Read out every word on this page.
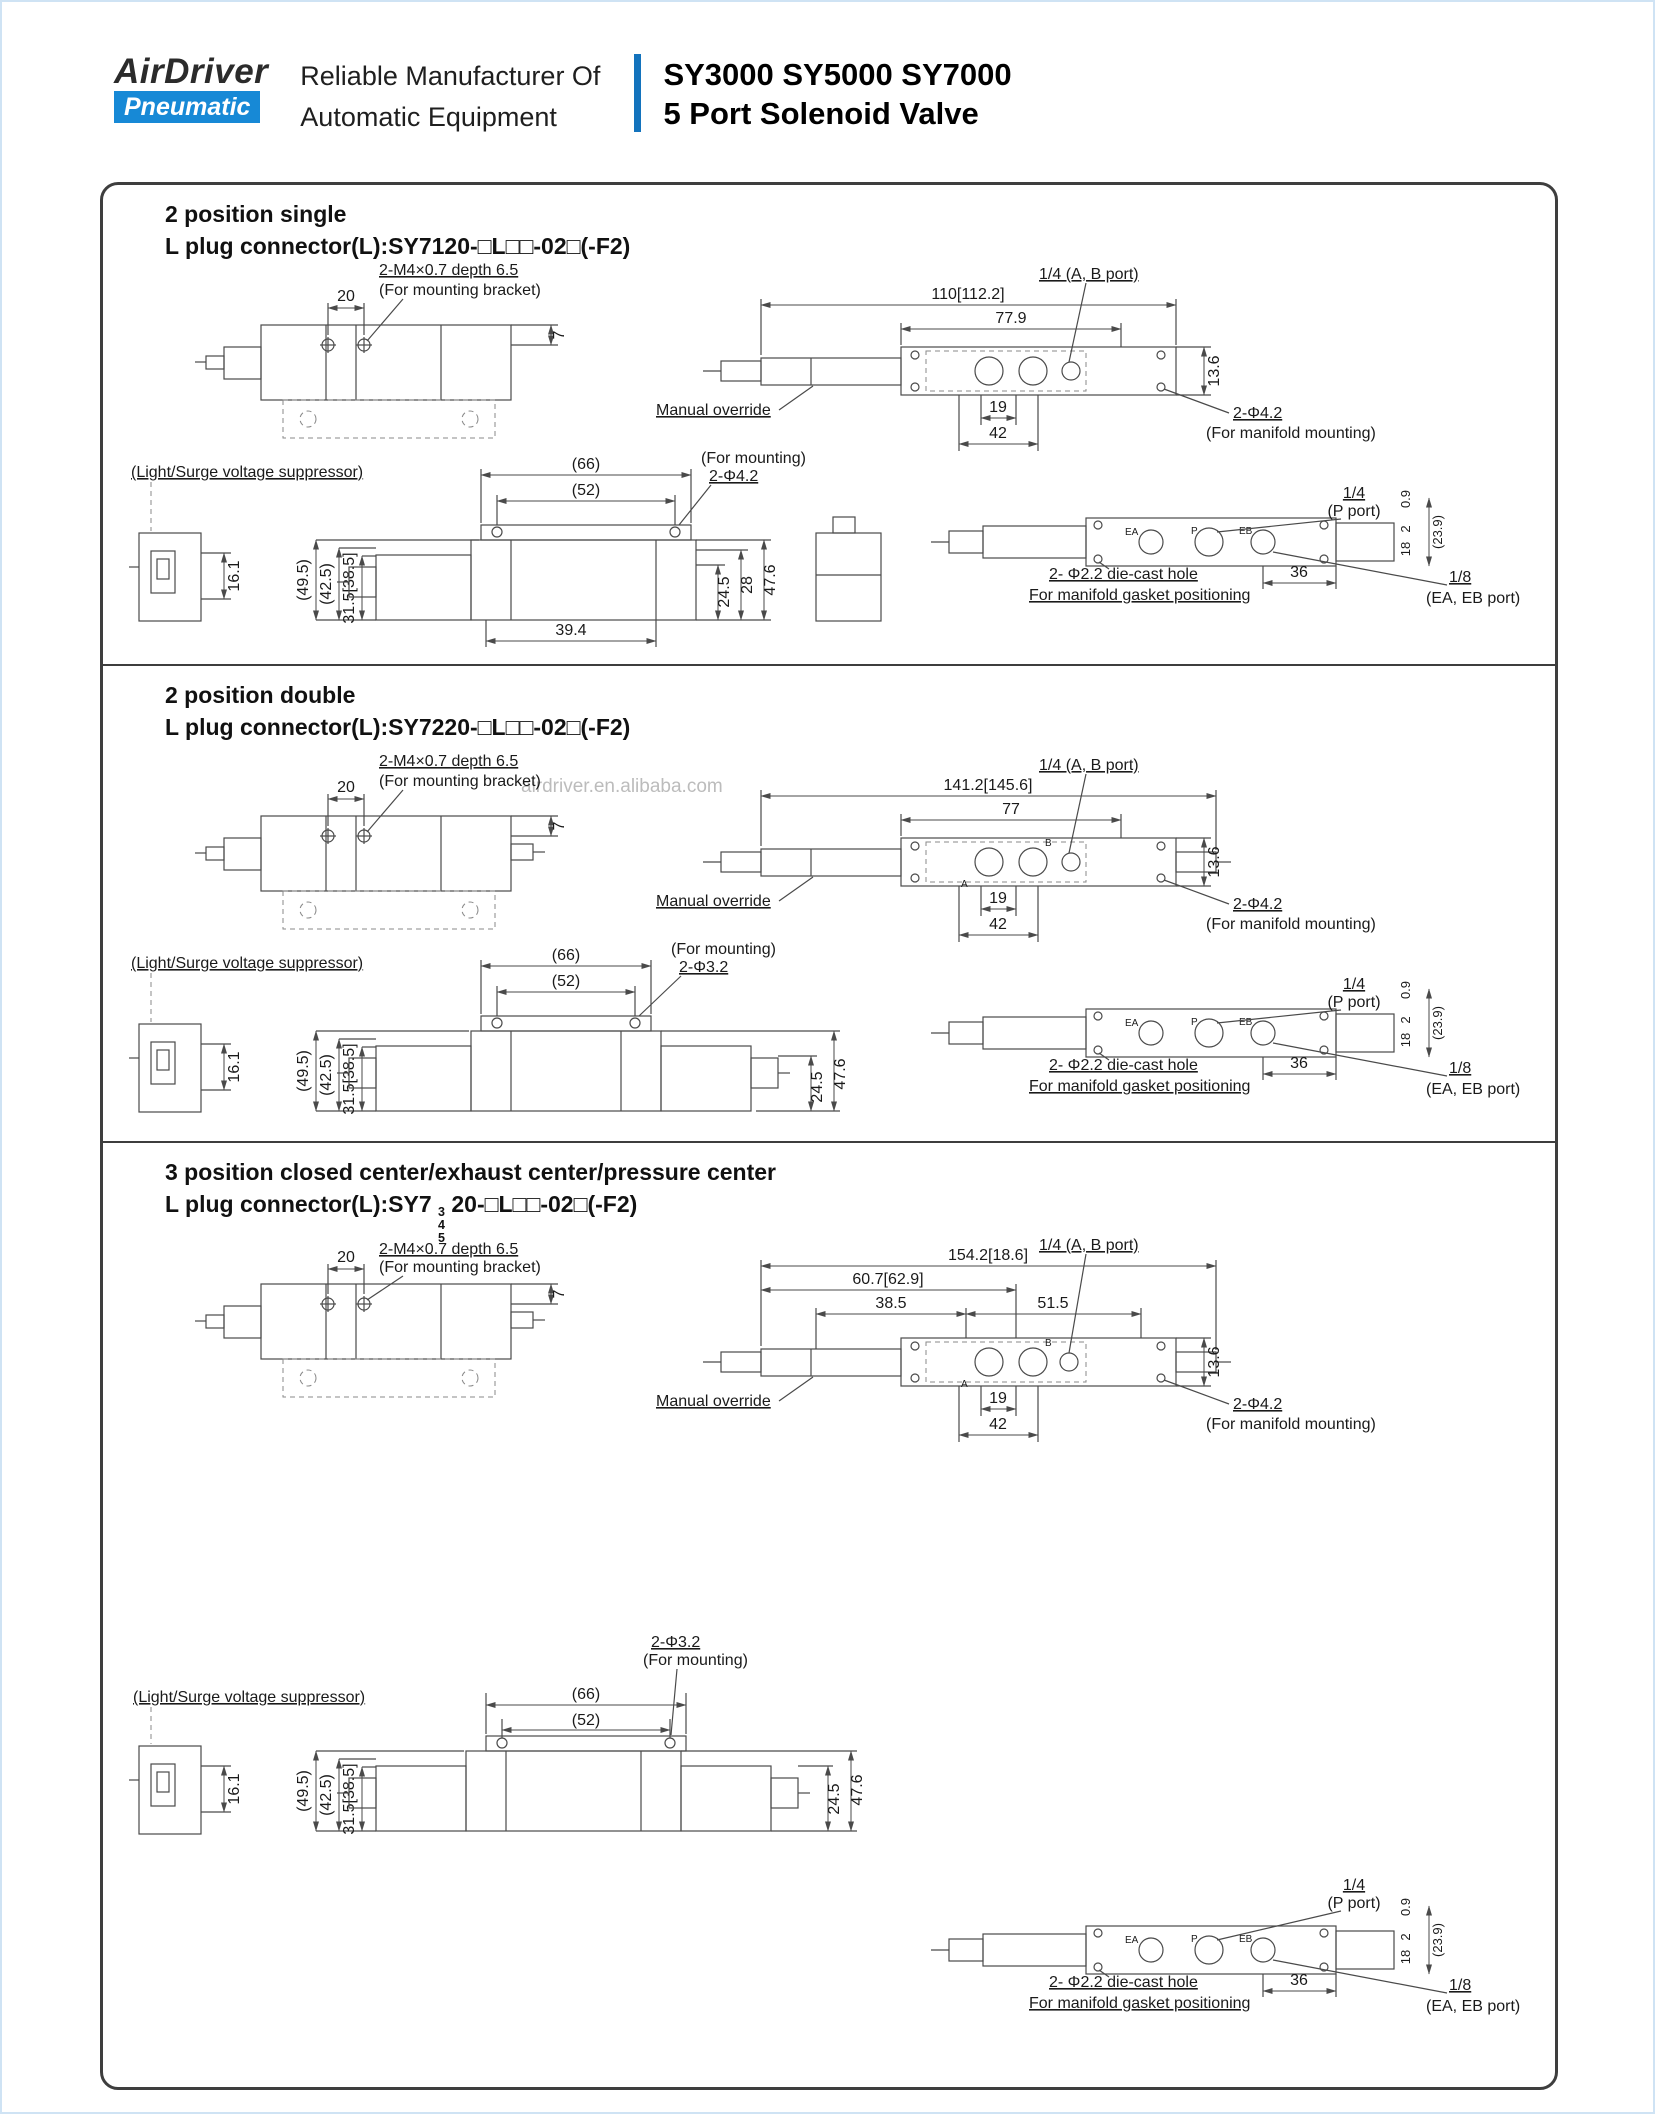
AirDriver
Pneumatic
Reliable Manufacturer Of
Automatic Equipment
SY3000 SY5000 SY7000
5 Port Solenoid Valve
2 position single
L plug connector(L):SY7120-□L□□-02□(-F2)
20
2-M4×0.7 depth 6.5
(For mounting bracket)
7
110[112.2]
77.9
1/4 (A, B port)
13.6
Manual override	19
42
2-Φ4.2
(For manifold mounting)
(Light/Surge voltage suppressor)
16.1	(49.5) (42.5) 31.5[38.5]
(66)
(52)
(For mounting)
2-Φ4.2
24.5 28 47.6
39.4
EA	P	EB
1/4
(P port)
0.9
2
18
(23.9)
36
2- Φ2.2 die-cast hole
For manifold gasket positioning
1/8
(EA, EB port)
2 position double
L plug connector(L):SY7220-□L□□-02□(-F2)
airdriver.en.alibaba.com
20
2-M4×0.7 depth 6.5
(For mounting bracket)
7
A
B
141.2[145.6]
77
1/4 (A, B port)
13.6
Manual override	19
42
2-Φ4.2
(For manifold mounting)
(Light/Surge voltage suppressor)
16.1	(49.5) (42.5) 31.5[38.5]
(66)
(52)
(For mounting)
2-Φ3.2
24.5 47.6
EA	P	EB
1/4
(P port)
0.9
2
18
(23.9)
36
2- Φ2.2 die-cast hole
For manifold gasket positioning
1/8
(EA, EB port)
3 position closed center/exhaust center/pressure center
L plug connector(L):SY7 3
4
5
20-□L□□-02□(-F2)
20 2-M4×0.7 depth 6.5
(For mounting bracket)
7
A
B
154.2[18.6]
60.7[62.9]
38.5	51.5
1/4 (A, B port)
13.6
Manual override	19
42
2-Φ4.2
(For manifold mounting)
2-Φ3.2
(For mounting)
(66)
(52)
(Light/Surge voltage suppressor)
16.1	(49.5) (42.5) 31.5[38.5]	24.5 47.6
EA	P	EB
1/4
(P port) 0.9
2
18
(23.9)
36
2- Φ2.2 die-cast hole
For manifold gasket positioning
1/8
(EA, EB port)
